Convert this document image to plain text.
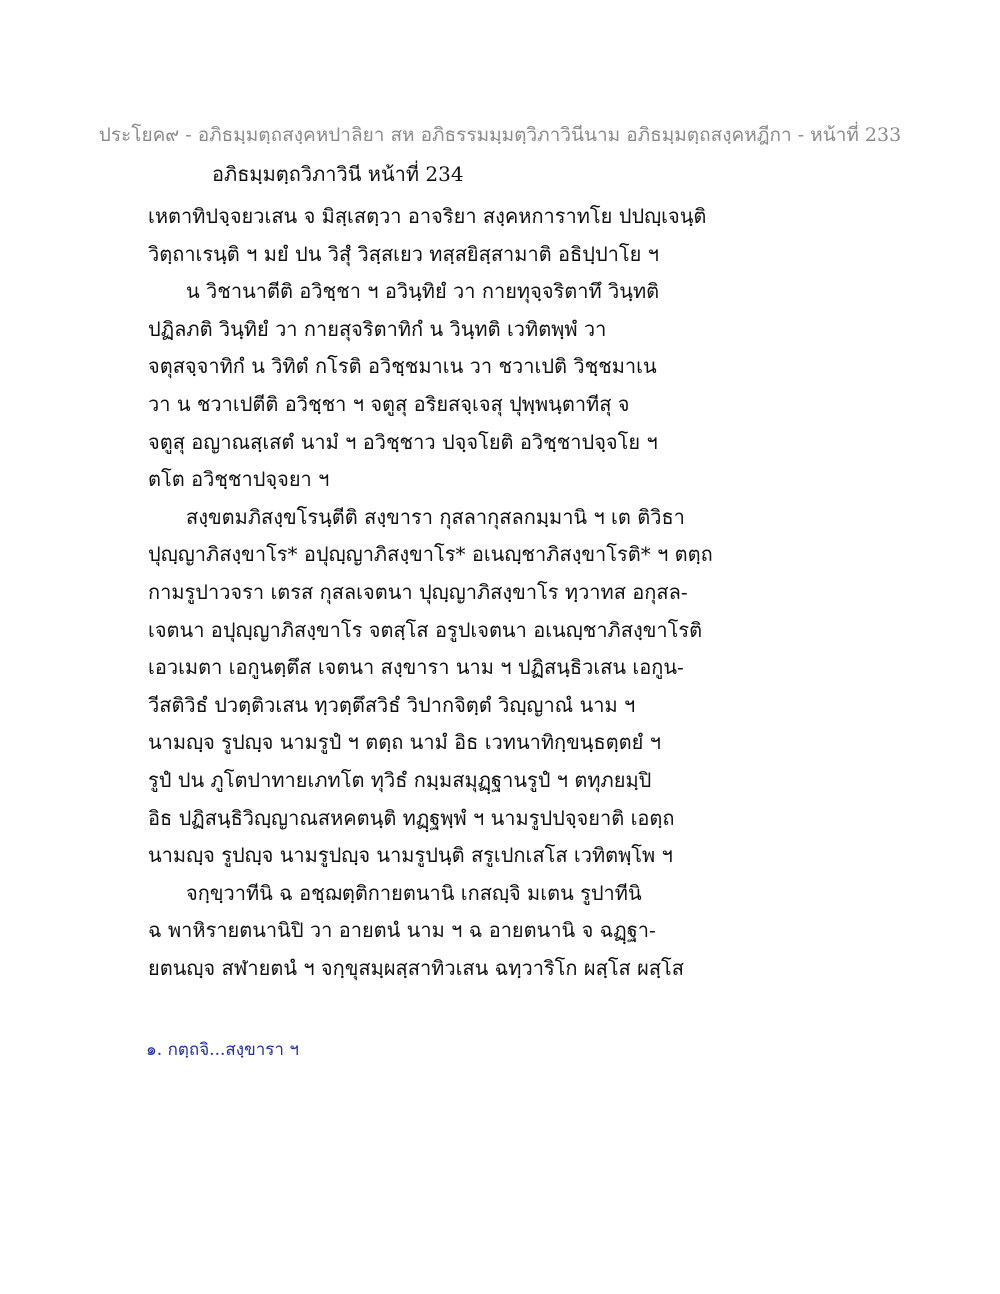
ประโยค๙ - อภิธมฺมตฺถสงฺคหปาลิยา สห อภิธรรมมฺมตฺวิภาวินีนาม อภิธมฺมตฺถสงฺคหฎีกา - หน้าที่ 233
อภิธมฺมตฺถวิภาวินี หน้าที่ 234
เหตาทิปจฺจยวเสน จ มิสฺเสตฺวา อาจริยา สงฺคหการาทโย ปปญฺเจนฺติ
วิตฺถาเรนฺติ ฯ มยํ ปน วิสุํ วิสฺสเยว ทสฺสยิสฺสามาติ อธิปฺปาโย ฯ
น วิชานาตีติ อวิชฺชา ฯ อวินฺทิยํ วา กายทุจฺจริตาทึ วินฺทติ
ปฏิลภติ วินฺทิยํ วา กายสุจริตาทิกํ น วินฺทติ เวทิตพฺพํ วา
จตุสจฺจาทิกํ น วิทิตํ กโรติ อวิชฺชมาเน วา ชวาเปติ วิชฺชมาเน
วา น ชวาเปตีติ อวิชฺชา ฯ จตูสุ อริยสจฺเจสุ ปุพฺพนฺตาทีสุ จ
จตูสุ อญาณสฺเสตํ นามํ ฯ อวิชฺชาว ปจฺจโยติ อวิชฺชาปจฺจโย ฯ
ตโต อวิชฺชาปจฺจยา ฯ
สงฺขตมภิสงฺขโรนฺตีติ สงฺขารา กุสลากุสลกมฺมานิ ฯ เต ติวิธา
ปุญฺญาภิสงฺขาโร* อปุญฺญาภิสงฺขาโร* อเนญฺชาภิสงฺขาโรติ* ฯ ตตฺถ
กามรูปาวจรา เตรส กุสลเจตนา ปุญฺญาภิสงฺขาโร ทฺวาทส อกุสล-
เจตนา อปุญฺญาภิสงฺขาโร จตสฺโส อรูปเจตนา อเนญฺชาภิสงฺขาโรติ
เอวเมตา เอกูนตฺตึส เจตนา สงฺขารา นาม ฯ ปฏิสนฺธิวเสน เอกูน-
วีสติวิธํ ปวตฺติวเสน ทฺวตฺตึสวิธํ วิปากจิตฺตํ วิญฺญาณํ นาม ฯ
นามญฺจ รูปญฺจ นามรูปํ ฯ ตตฺถ นามํ อิธ เวทนาทิกฺขนฺธตฺตยํ ฯ
รูปํ ปน ภูโตปาทายเภทโต ทุวิธํ กมฺมสมุฏฺฐานรูปํ ฯ ตทุภยมฺปิ
อิธ ปฏิสนฺธิวิญฺญาณสหคตนฺติ ทฏฺฐพฺพํ ฯ นามรูปปจฺจยาติ เอตฺถ
นามญฺจ รูปญฺจ นามรูปญฺจ นามรูปนฺติ สรูเปกเสโส เวทิตพฺโพ ฯ
จกฺขฺวาทีนิ ฉ อชฺฌตฺติกายตนานิ เกสญฺจิ มเตน รูปาทีนิ
ฉ พาหิรายตนานิปิ วา อายตนํ นาม ฯ ฉ อายตนานิ จ ฉฏฺฐา-
ยตนญฺจ สฬายตนํ ฯ จกฺขุสมฺผสฺสาทิวเสน ฉทฺวาริโก ผสฺโส ผสฺโส
๑. กตฺถจิ...สงฺขารา ฯ
